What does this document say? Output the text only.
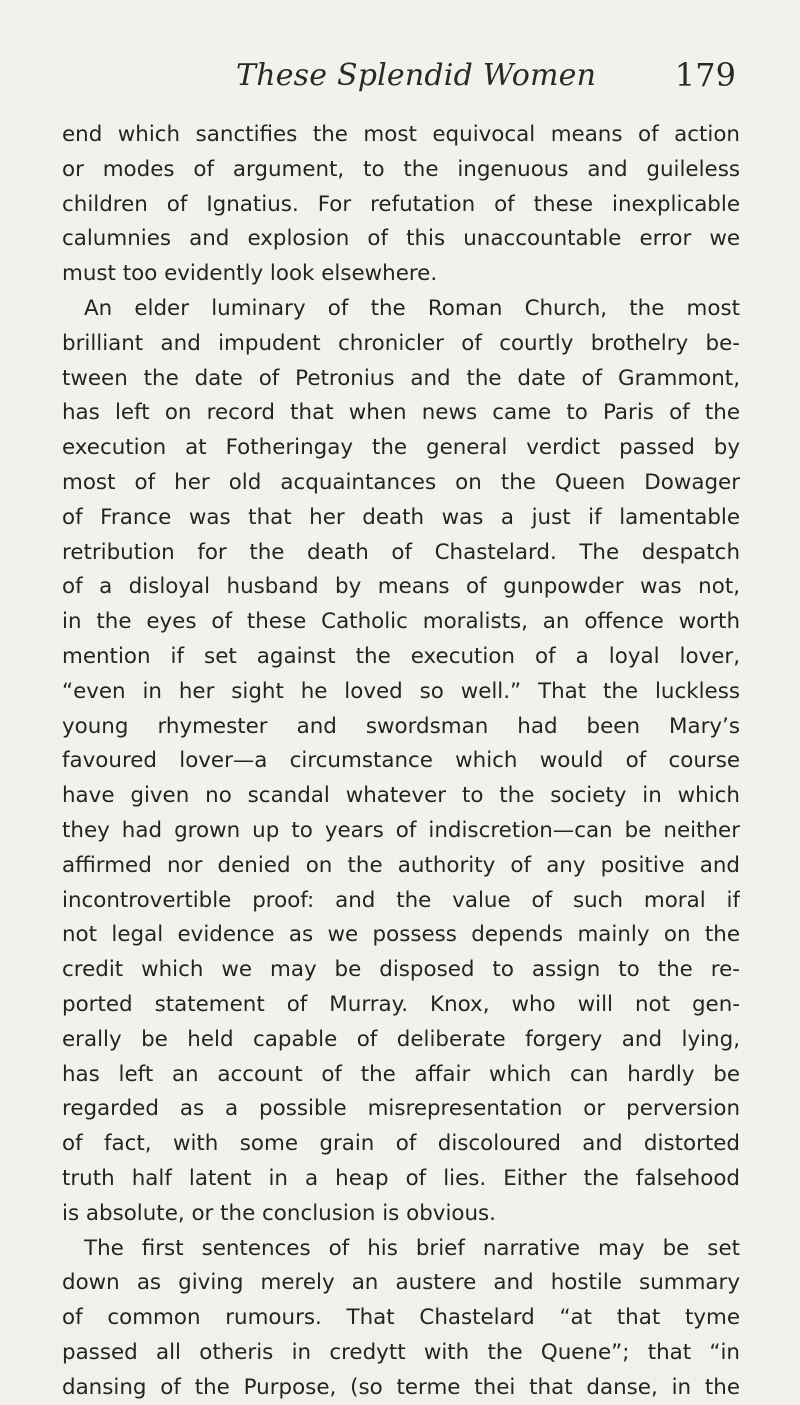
These Splendid Women 179
end which sanctifies the most equivocal means of action
or modes of argument, to the ingenuous and guileless
children of Ignatius. For refutation of these inexplicable
calumnies and explosion of this unaccountable error we
must too evidently look elsewhere.
An elder luminary of the Roman Church, the most
brilliant and impudent chronicler of courtly brothelry be-
tween the date of Petronius and the date of Grammont,
has left on record that when news came to Paris of the
execution at Fotheringay the general verdict passed by
most of her old acquaintances on the Queen Dowager
of France was that her death was a just if lamentable
retribution for the death of Chastelard. The despatch
of a disloyal husband by means of gunpowder was not,
in the eyes of these Catholic moralists, an offence worth
mention if set against the execution of a loyal lover,
“even in her sight he loved so well.” That the luckless
young rhymester and swordsman had been Mary’s
favoured lover—a circumstance which would of course
have given no scandal whatever to the society in which
they had grown up to years of indiscretion—can be neither
affirmed nor denied on the authority of any positive and
incontrovertible proof: and the value of such moral if
not legal evidence as we possess depends mainly on the
credit which we may be disposed to assign to the re-
ported statement of Murray. Knox, who will not gen-
erally be held capable of deliberate forgery and lying,
has left an account of the affair which can hardly be
regarded as a possible misrepresentation or perversion
of fact, with some grain of discoloured and distorted
truth half latent in a heap of lies. Either the falsehood
is absolute, or the conclusion is obvious.
The first sentences of his brief narrative may be set
down as giving merely an austere and hostile summary
of common rumours. That Chastelard “at that tyme
passed all otheris in credytt with the Quene”; that “in
dansing of the Purpose, (so terme thei that danse, in the
